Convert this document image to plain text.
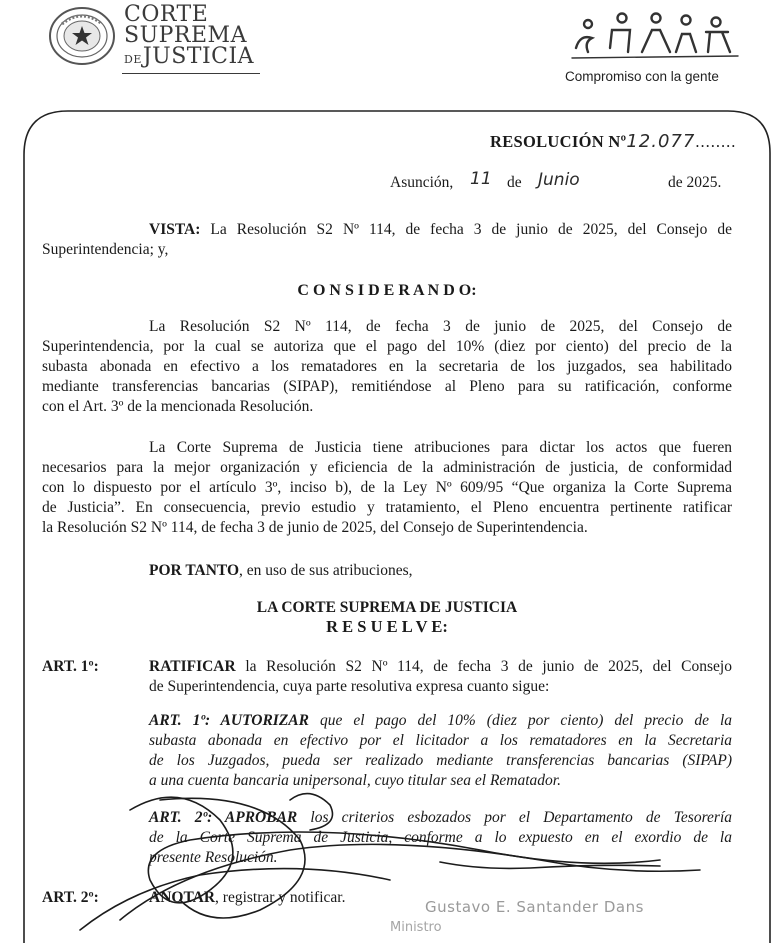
CORTE
SUPREMA
DEJUSTICIA
Compromiso con la gente
RESOLUCIÓN Nº12.077........
Asunción, 11 de Junio	de 2025.
VISTA: La Resolución S2 Nº 114, de fecha 3 de junio de 2025, del Consejo de
Superintendencia; y,
C O N S I D E R A N D O:
La Resolución S2 Nº 114, de fecha 3 de junio de 2025, del Consejo de
Superintendencia, por la cual se autoriza que el pago del 10% (diez por ciento) del precio de la
subasta abonada en efectivo a los rematadores en la secretaria de los juzgados, sea habilitado
mediante transferencias bancarias (SIPAP), remitiéndose al Pleno para su ratificación, conforme
con el Art. 3º de la mencionada Resolución.
La Corte Suprema de Justicia tiene atribuciones para dictar los actos que fueren
necesarios para la mejor organización y eficiencia de la administración de justicia, de conformidad
con lo dispuesto por el artículo 3º, inciso b), de la Ley Nº 609/95 “Que organiza la Corte Suprema
de Justicia”. En consecuencia, previo estudio y tratamiento, el Pleno encuentra pertinente ratificar
la Resolución S2 Nº 114, de fecha 3 de junio de 2025, del Consejo de Superintendencia.
POR TANTO, en uso de sus atribuciones,
LA CORTE SUPREMA DE JUSTICIA
R E S U E L V E:
ART. 1º:	RATIFICAR la Resolución S2 Nº 114, de fecha 3 de junio de 2025, del Consejo
de Superintendencia, cuya parte resolutiva expresa cuanto sigue:
ART. 1º: AUTORIZAR que el pago del 10% (diez por ciento) del precio de la
subasta abonada en efectivo por el licitador a los rematadores en la Secretaria
de los Juzgados, pueda ser realizado mediante transferencias bancarias (SIPAP)
a una cuenta bancaria unipersonal, cuyo titular sea el Rematador.
ART. 2º: APROBAR los criterios esbozados por el Departamento de Tesorería
de la Corte Suprema de Justicia, conforme a lo expuesto en el exordio de la
presente Resolución.
ART. 2º:	ANOTAR, registrar y notificar.
Gustavo E. Santander Dans
Ministro
